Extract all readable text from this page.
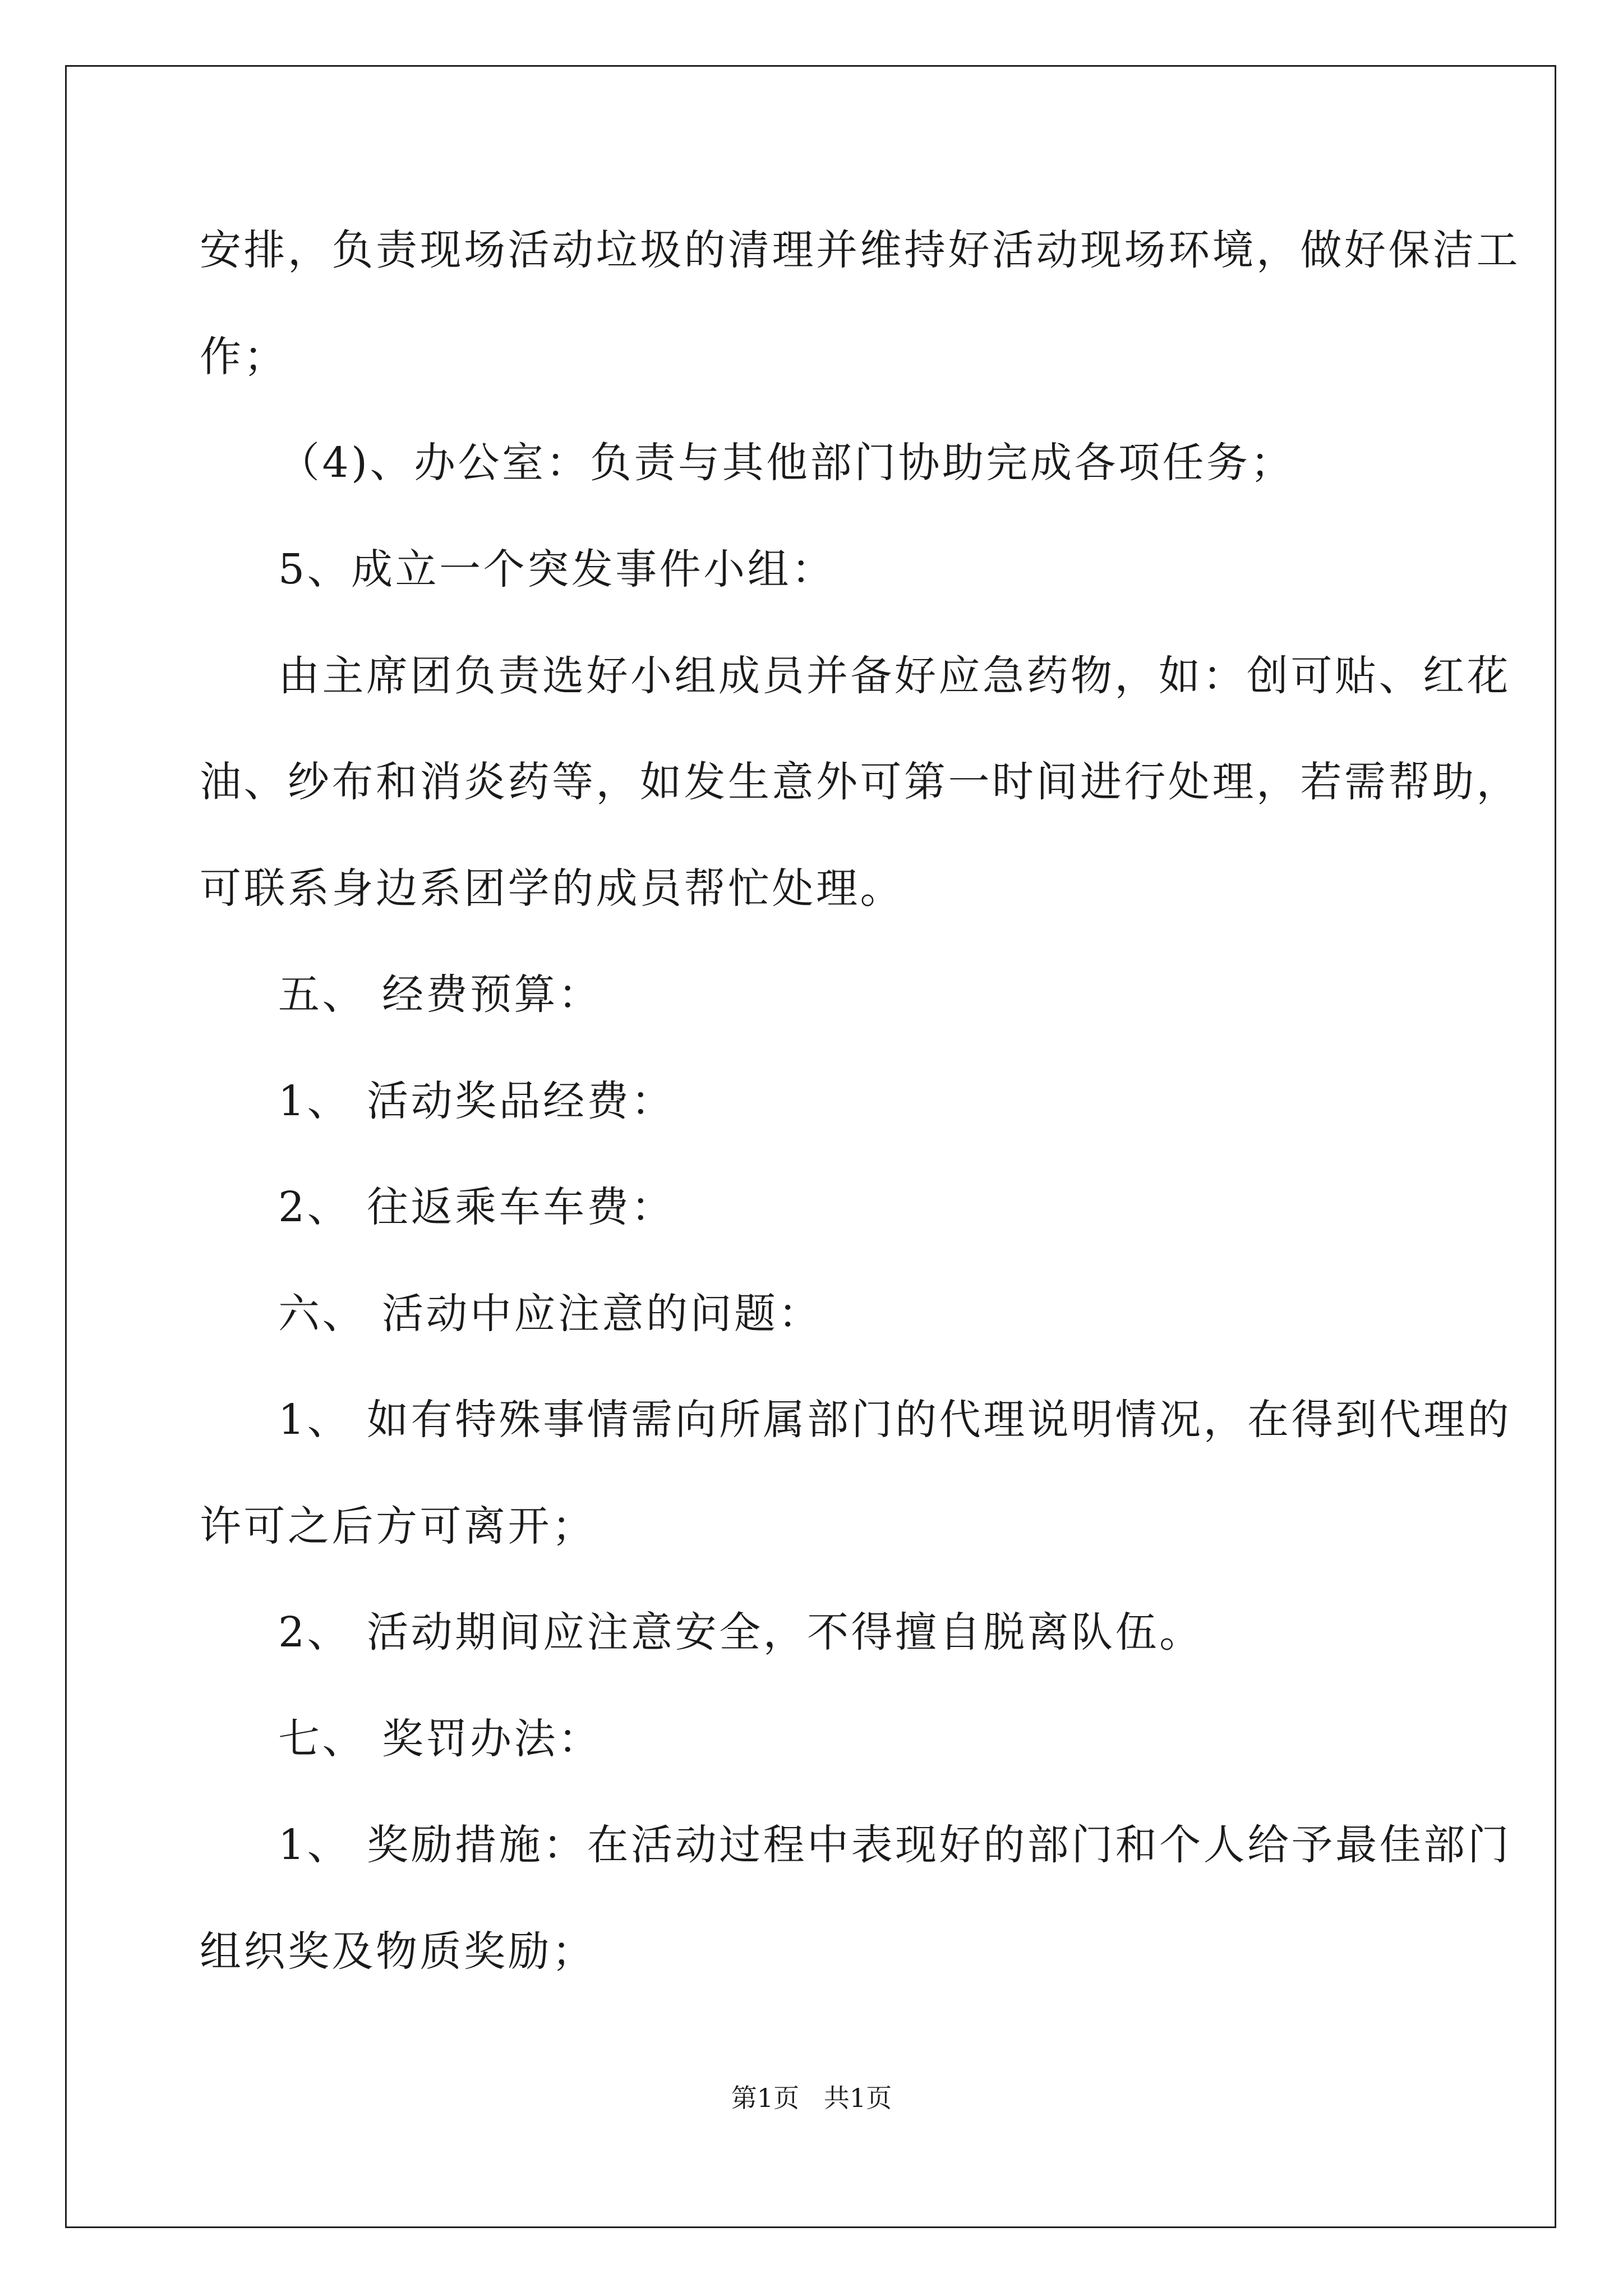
安排，负责现场活动垃圾的清理并维持好活动现场环境，做好保洁工
作；
（4)、办公室：负责与其他部门协助完成各项任务；
5、成立一个突发事件小组：
由主席团负责选好小组成员并备好应急药物，如：创可贴、红花
油、纱布和消炎药等，如发生意外可第一时间进行处理，若需帮助，
可联系身边系团学的成员帮忙处理。
五、 经费预算：
1、 活动奖品经费：
2、 往返乘车车费：
六、 活动中应注意的问题：
1、 如有特殊事情需向所属部门的代理说明情况，在得到代理的
许可之后方可离开；
2、 活动期间应注意安全，不得擅自脱离队伍。
七、 奖罚办法：
1、 奖励措施：在活动过程中表现好的部门和个人给予最佳部门
组织奖及物质奖励；
第1页   共1页
